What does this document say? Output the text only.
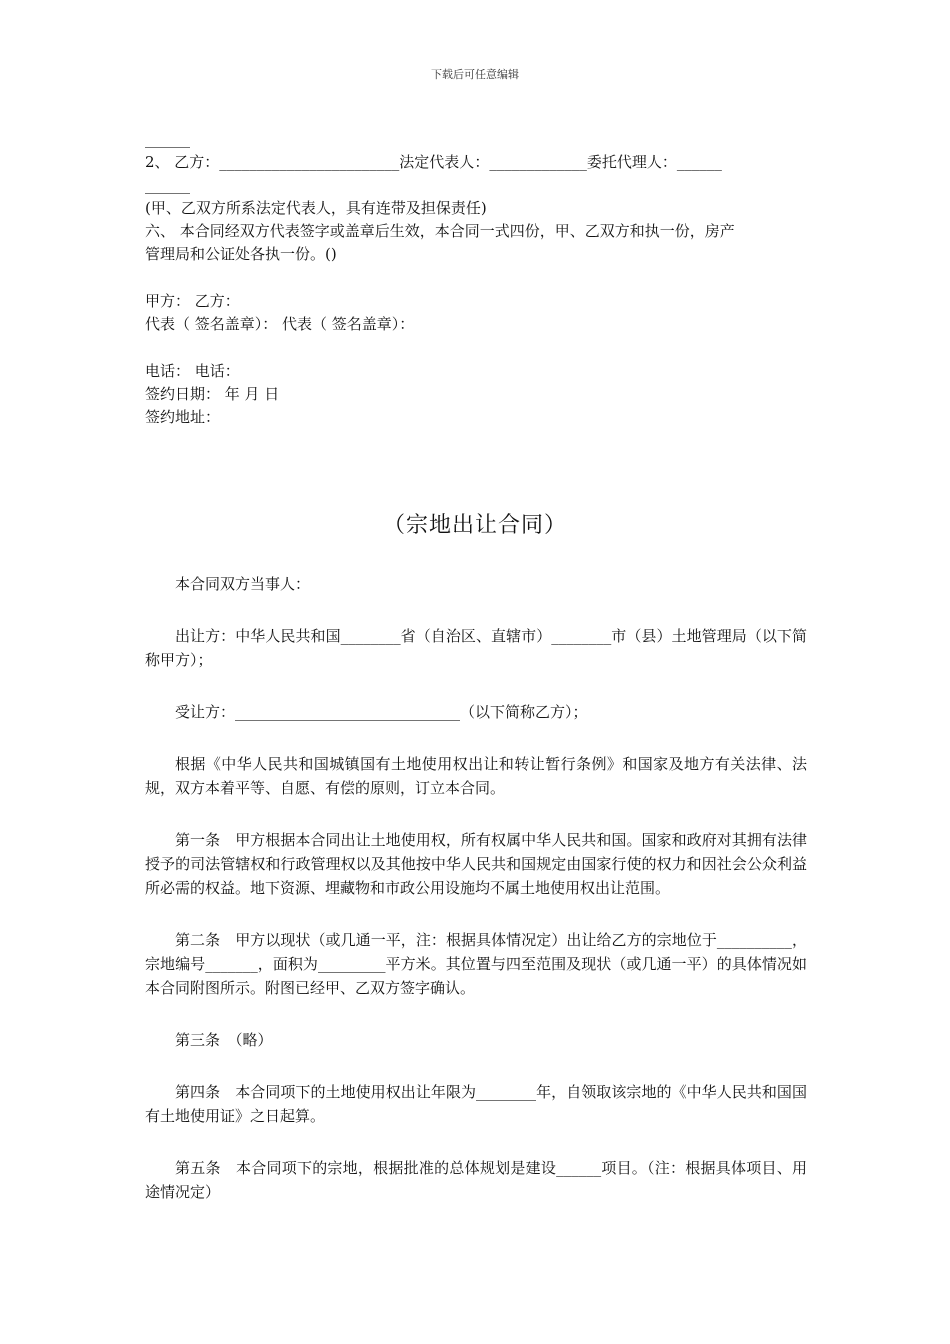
下载后可任意编辑
______
2、 乙方：________________________法定代表人：_____________委托代理人：______
______
(甲、乙双方所系法定代表人，具有连带及担保责任)
六、 本合同经双方代表签字或盖章后生效，本合同一式四份，甲、乙双方和执一份，房产
管理局和公证处各执一份。()
甲方： 乙方：
代表（ 签名盖章）： 代表（ 签名盖章）：
电话： 电话：
签约日期： 年 月 日
签约地址：
（宗地出让合同）

本合同双方当事人：

出让方：中华人民共和国________省（自治区、直辖市）________市（县）土地管理局（以下简称甲方）；

受让方：______________________________（以下简称乙方）；

根据《中华人民共和国城镇国有土地使用权出让和转让暂行条例》和国家及地方有关法律、法规，双方本着平等、自愿、有偿的原则，订立本合同。

第一条　甲方根据本合同出让土地使用权，所有权属中华人民共和国。国家和政府对其拥有法律授予的司法管辖权和行政管理权以及其他按中华人民共和国规定由国家行使的权力和因社会公众利益所必需的权益。地下资源、埋藏物和市政公用设施均不属土地使用权出让范围。

第二条　甲方以现状（或几通一平，注：根据具体情况定）出让给乙方的宗地位于__________，宗地编号_______，面积为_________平方米。其位置与四至范围及现状（或几通一平）的具体情况如本合同附图所示。附图已经甲、乙双方签字确认。

第三条　（略）

第四条　本合同项下的土地使用权出让年限为________年，自领取该宗地的《中华人民共和国国有土地使用证》之日起算。

第五条　本合同项下的宗地，根据批准的总体规划是建设______项目。（注：根据具体项目、用途情况定）
